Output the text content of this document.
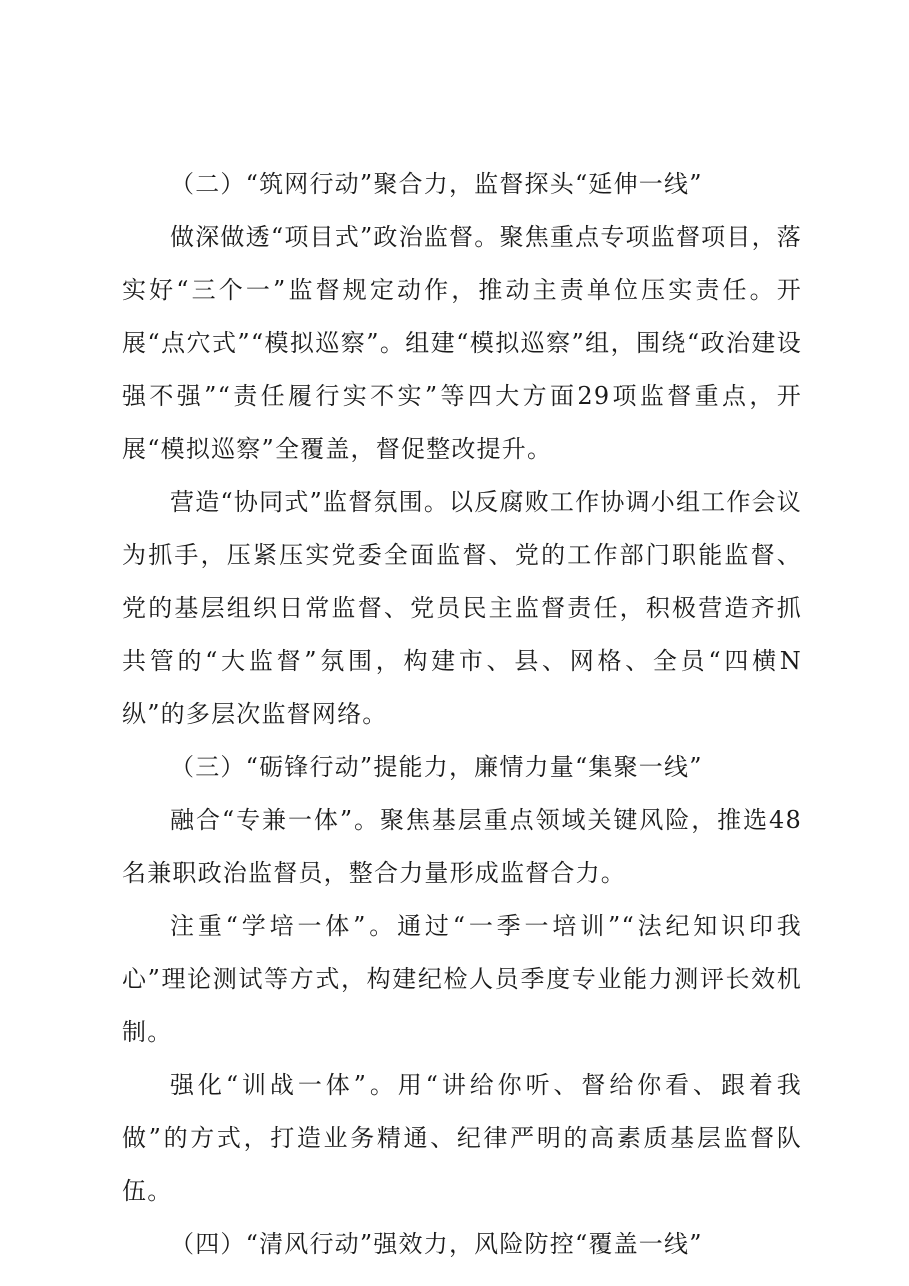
（二）“筑网行动”聚合力，监督探头“延伸一线”

做深做透“项目式”政治监督。聚焦重点专项监督项目，落实好“三个一”监督规定动作，推动主责单位压实责任。开展“点穴式”“模拟巡察”。组建“模拟巡察”组，围绕“政治建设强不强”“责任履行实不实”等四大方面29项监督重点，开展“模拟巡察”全覆盖，督促整改提升。

营造“协同式”监督氛围。以反腐败工作协调小组工作会议为抓手，压紧压实党委全面监督、党的工作部门职能监督、党的基层组织日常监督、党员民主监督责任，积极营造齐抓共管的“大监督”氛围，构建市、县、网格、全员“四横N纵”的多层次监督网络。

（三）“砺锋行动”提能力，廉情力量“集聚一线”

融合“专兼一体”。聚焦基层重点领域关键风险，推选48名兼职政治监督员，整合力量形成监督合力。

注重“学培一体”。通过“一季一培训”“法纪知识印我心”理论测试等方式，构建纪检人员季度专业能力测评长效机制。

强化“训战一体”。用“讲给你听、督给你看、跟着我做”的方式，打造业务精通、纪律严明的高素质基层监督队伍。

（四）“清风行动”强效力，风险防控“覆盖一线”
